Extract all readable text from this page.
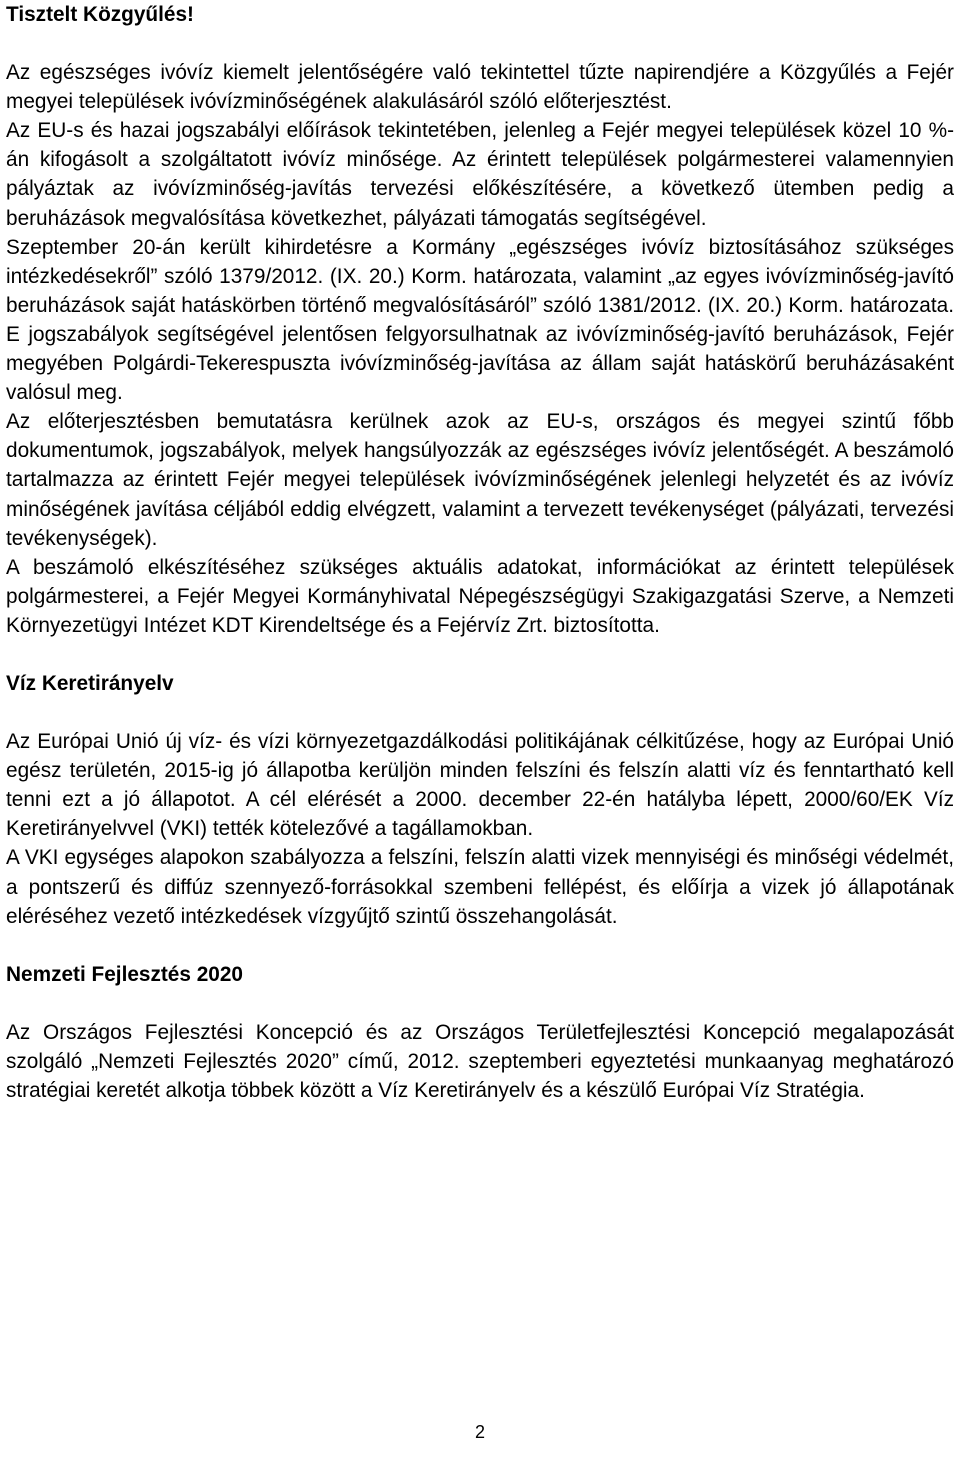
Tisztelt Közgyűlés!

Az egészséges ivóvíz kiemelt jelentőségére való tekintettel tűzte napirendjére a Közgyűlés a Fejér megyei települések ivóvízminőségének alakulásáról szóló előterjesztést.

Az EU-s és hazai jogszabályi előírások tekintetében, jelenleg a Fejér megyei települések közel 10 %-án kifogásolt a szolgáltatott ivóvíz minősége. Az érintett települések polgármesterei valamennyien pályáztak az ivóvízminőség-javítás tervezési előkészítésére, a következő ütemben pedig a beruházások megvalósítása következhet, pályázati támogatás segítségével.

Szeptember 20-án került kihirdetésre a Kormány „egészséges ivóvíz biztosításához szükséges intézkedésekről” szóló 1379/2012. (IX. 20.) Korm. határozata, valamint „az egyes ivóvízminőség-javító beruházások saját hatáskörben történő megvalósításáról” szóló 1381/2012. (IX. 20.) Korm. határozata. E jogszabályok segítségével jelentősen felgyorsulhatnak az ivóvízminőség-javító beruházások, Fejér megyében Polgárdi-Tekerespuszta ivóvízminőség-javítása az állam saját hatáskörű beruházásaként valósul meg.

Az előterjesztésben bemutatásra kerülnek azok az EU-s, országos és megyei szintű főbb dokumentumok, jogszabályok, melyek hangsúlyozzák az egészséges ivóvíz jelentőségét. A beszámoló tartalmazza az érintett Fejér megyei települések ivóvízminőségének jelenlegi helyzetét és az ivóvíz minőségének javítása céljából eddig elvégzett, valamint a tervezett tevékenységet (pályázati, tervezési tevékenységek).

A beszámoló elkészítéséhez szükséges aktuális adatokat, információkat az érintett települések polgármesterei, a Fejér Megyei Kormányhivatal Népegészségügyi Szakigazgatási Szerve, a Nemzeti Környezetügyi Intézet KDT Kirendeltsége és a Fejérvíz Zrt. biztosította.

Víz Keretirányelv

Az Európai Unió új víz- és vízi környezetgazdálkodási politikájának célkitűzése, hogy az Európai Unió egész területén, 2015-ig jó állapotba kerüljön minden felszíni és felszín alatti víz és fenntartható kell tenni ezt a jó állapotot. A cél elérését a 2000. december 22-én hatályba lépett, 2000/60/EK Víz Keretirányelvvel (VKI) tették kötelezővé a tagállamokban.

A VKI egységes alapokon szabályozza a felszíni, felszín alatti vizek mennyiségi és minőségi védelmét, a pontszerű és diffúz szennyező-forrásokkal szembeni fellépést, és előírja a vizek jó állapotának eléréséhez vezető intézkedések vízgyűjtő szintű összehangolását.

Nemzeti Fejlesztés 2020

Az Országos Fejlesztési Koncepció és az Országos Területfejlesztési Koncepció megalapozását szolgáló „Nemzeti Fejlesztés 2020” című, 2012. szeptemberi egyeztetési munkaanyag meghatározó stratégiai keretét alkotja többek között a Víz Keretirányelv és a készülő Európai Víz Stratégia.

2
